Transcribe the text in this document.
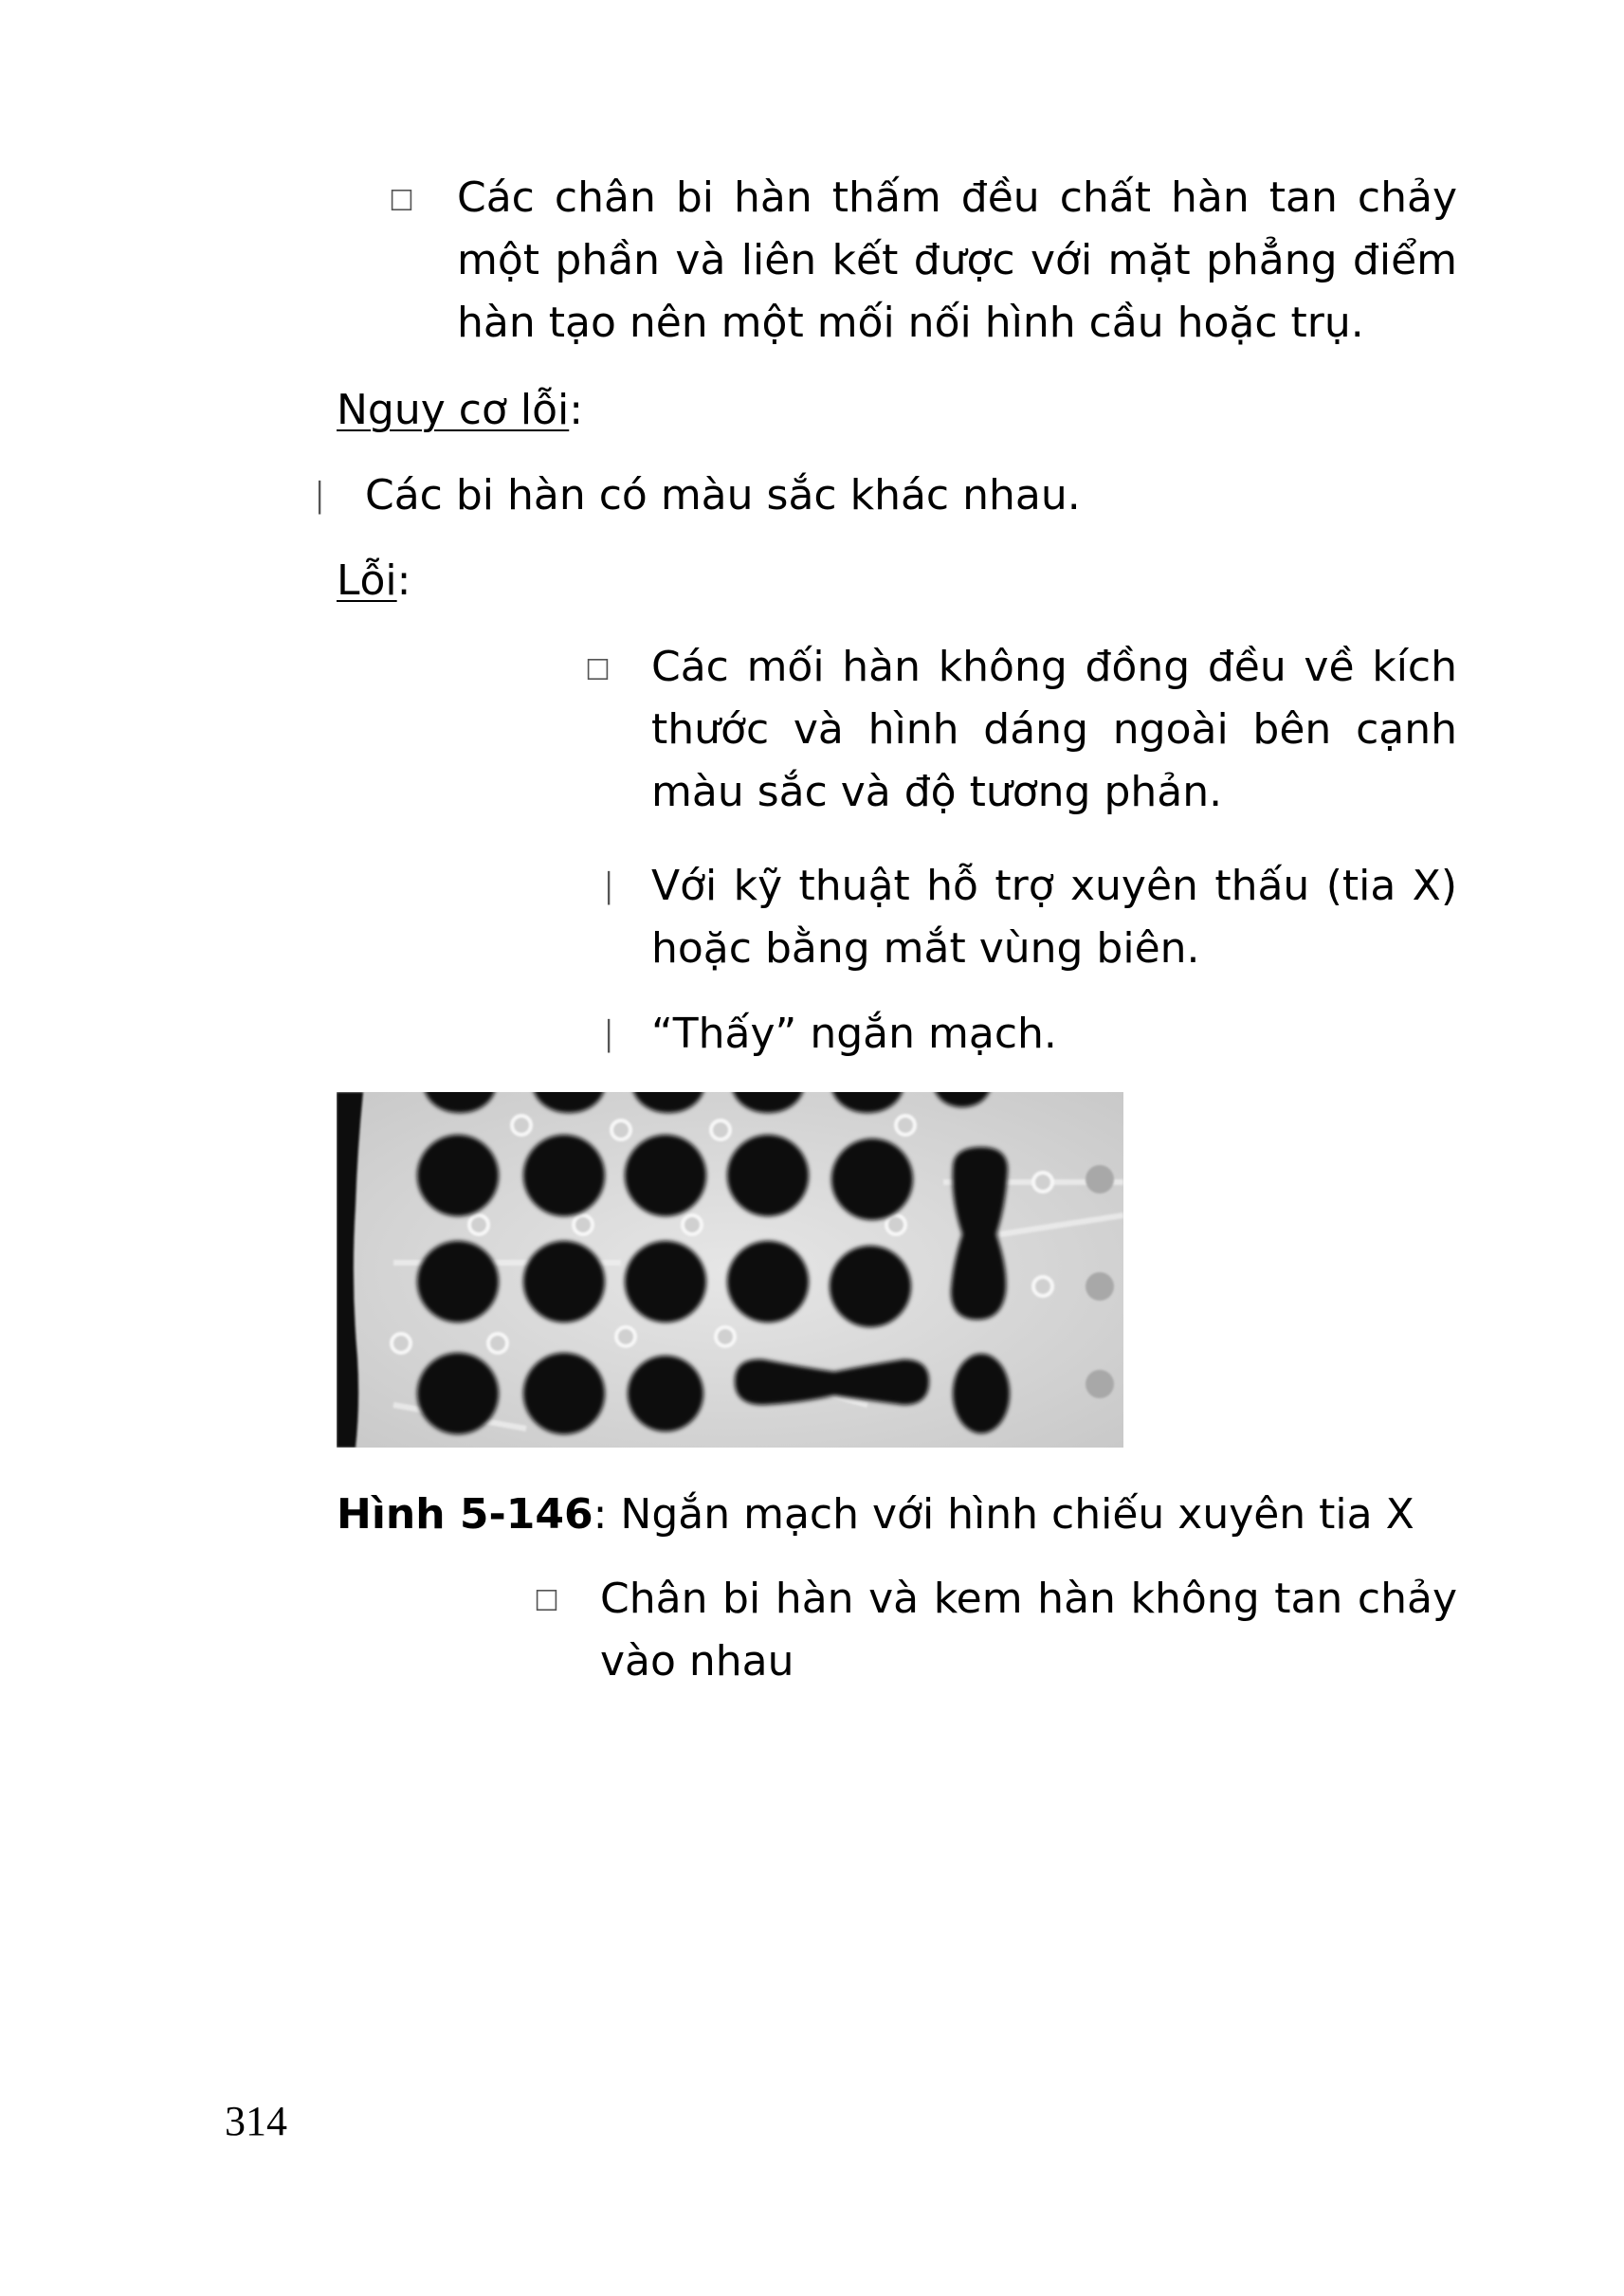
☐ Các chân bi hàn thấm đều chất hàn tan chảy một phần và liên kết được với mặt phẳng điểm hàn tạo nên một mối nối hình cầu hoặc trụ.
Nguy cơ lỗi:
│ Các bi hàn có màu sắc khác nhau.
Lỗi:
☐ Các mối hàn không đồng đều về kích thước và hình dáng ngoài bên cạnh màu sắc và độ tương phản.
│ Với kỹ thuật hỗ trợ xuyên thấu (tia X) hoặc bằng mắt vùng biên.
│ “Thấy” ngắn mạch.
Hình 5-146: Ngắn mạch với hình chiếu xuyên tia X
☐ Chân bi hàn và kem hàn không tan chảy vào nhau
314
